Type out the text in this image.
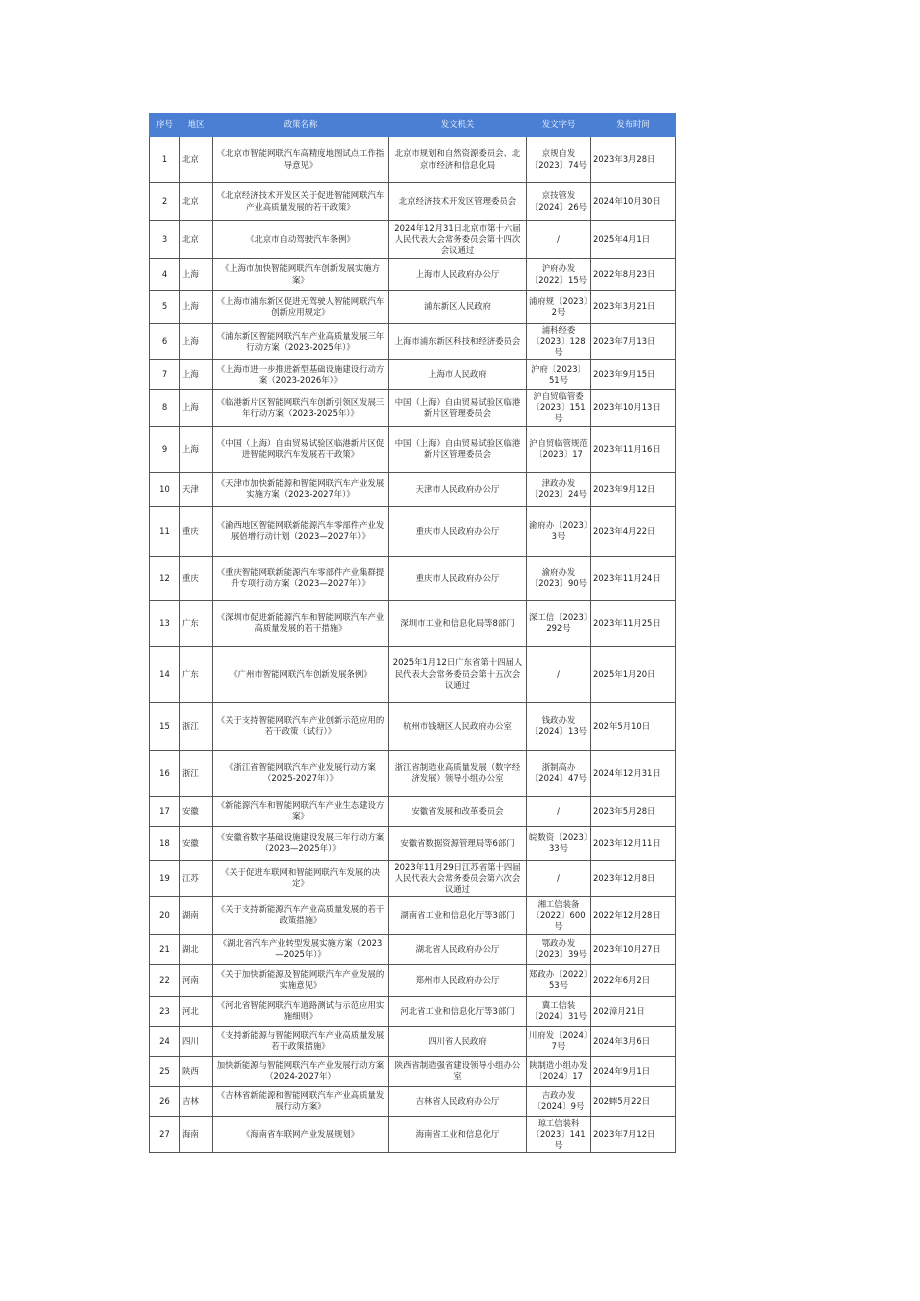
序号	地区	政策名称	发文机关	发文字号	发布时间
1	北京	《北京市智能网联汽车高精度地图试点工作指导意见》	北京市规划和自然资源委员会、北京市经济和信息化局	京规自发〔2023〕74号	2023年3月28日
2	北京	《北京经济技术开发区关于促进智能网联汽车产业高质量发展的若干政策》	北京经济技术开发区管理委员会	京技管发〔2024〕26号	2024年10月30日
3	北京	《北京市自动驾驶汽车条例》	2024年12月31日北京市第十六届人民代表大会常务委员会第十四次会议通过	/	2025年4月1日
4	上海	《上海市加快智能网联汽车创新发展实施方案》	上海市人民政府办公厅	沪府办发〔2022〕15号	2022年8月23日
5	上海	《上海市浦东新区促进无驾驶人智能网联汽车创新应用规定》	浦东新区人民政府	浦府规〔2023〕2号	2023年3月21日
6	上海	《浦东新区智能网联汽车产业高质量发展三年行动方案（2023-2025年）》	上海市浦东新区科技和经济委员会	浦科经委〔2023〕128号	2023年7月13日
7	上海	《上海市进一步推进新型基础设施建设行动方案（2023-2026年）》	上海市人民政府	沪府〔2023〕51号	2023年9月15日
8	上海	《临港新片区智能网联汽车创新引领区发展三年行动方案（2023-2025年）》	中国（上海）自由贸易试验区临港新片区管理委员会	沪自贸临管委〔2023〕151号	2023年10月13日
9	上海	《中国（上海）自由贸易试验区临港新片区促进智能网联汽车发展若干政策》	中国（上海）自由贸易试验区临港新片区管理委员会	沪自贸临管规范〔2023〕17	2023年11月16日
10	天津	《天津市加快新能源和智能网联汽车产业发展实施方案（2023-2027年）》	天津市人民政府办公厅	津政办发〔2023〕24号	2023年9月12日
11	重庆	《渝西地区智能网联新能源汽车零部件产业发展倍增行动计划（2023—2027年）》	重庆市人民政府办公厅	渝府办〔2023〕3号	2023年4月22日
12	重庆	《重庆智能网联新能源汽车零部件产业集群提升专项行动方案（2023—2027年）》	重庆市人民政府办公厅	渝府办发〔2023〕90号	2023年11月24日
13	广东	《深圳市促进新能源汽车和智能网联汽车产业高质量发展的若干措施》	深圳市工业和信息化局等8部门	深工信〔2023〕292号	2023年11月25日
14	广东	《广州市智能网联汽车创新发展条例》	2025年1月12日广东省第十四届人民代表大会常务委员会第十五次会议通过	/	2025年1月20日
15	浙江	《关于支持智能网联汽车产业创新示范应用的若干政策（试行）》	杭州市钱塘区人民政府办公室	钱政办发〔2024〕13号	202年5月10日
16	浙江	《浙江省智能网联汽车产业发展行动方案（2025-2027年）》	浙江省制造业高质量发展（数字经济发展）领导小组办公室	浙制高办〔2024〕47号	2024年12月31日
17	安徽	《新能源汽车和智能网联汽车产业生态建设方案》	安徽省发展和改革委员会	/	2023年5月28日
18	安徽	《安徽省数字基础设施建设发展三年行动方案（2023—2025年）》	安徽省数据资源管理局等6部门	皖数资〔2023〕33号	2023年12月11日
19	江苏	《关于促进车联网和智能网联汽车发展的决定》	2023年11月29日江苏省第十四届人民代表大会常务委员会第六次会议通过	/	2023年12月8日
20	湖南	《关于支持新能源汽车产业高质量发展的若干政策措施》	湖南省工业和信息化厅等3部门	湘工信装备〔2022〕600号	2022年12月28日
21	湖北	《湖北省汽车产业转型发展实施方案（2023—2025年）》	湖北省人民政府办公厅	鄂政办发〔2023〕39号	2023年10月27日
22	河南	《关于加快新能源及智能网联汽车产业发展的实施意见》	郑州市人民政府办公厅	郑政办〔2022〕53号	2022年6月2日
23	河北	《河北省智能网联汽车道路测试与示范应用实施细则》	河北省工业和信息化厅等3部门	冀工信装〔2024〕31号	202漳月21日
24	四川	《支持新能源与智能网联汽车产业高质量发展若干政策措施》	四川省人民政府	川府发〔2024〕7号	2024年3月6日
25	陕西	加快新能源与智能网联汽车产业发展行动方案（2024-2027年）	陕西省制造强省建设领导小组办公室	陕制造小组办发〔2024〕17	2024年9月1日
26	吉林	《吉林省新能源和智能网联汽车产业高质量发展行动方案》	吉林省人民政府办公厅	吉政办发〔2024〕9号	202蟀5月22日
27	海南	《海南省车联网产业发展规划》	海南省工业和信息化厅	琼工信装科〔2023〕141号	2023年7月12日
